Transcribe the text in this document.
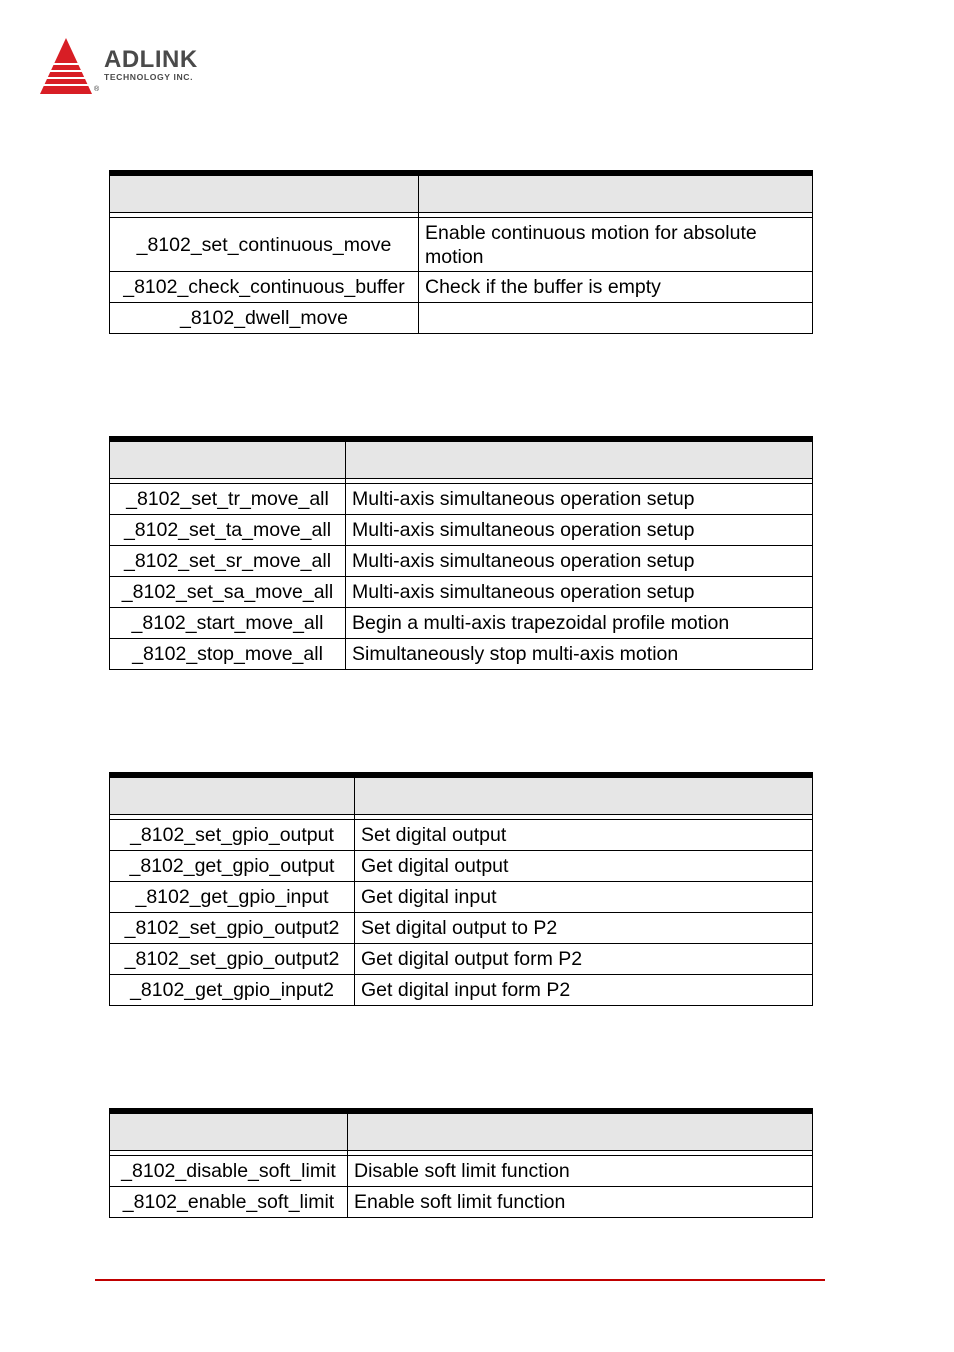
ADLINK
TECHNOLOGY INC.
®

_8102_set_continuous_move	Enable continuous motion for absolute motion
_8102_check_continuous_buffer	Check if the buffer is empty
_8102_dwell_move	

_8102_set_tr_move_all	Multi-axis simultaneous operation setup
_8102_set_ta_move_all	Multi-axis simultaneous operation setup
_8102_set_sr_move_all	Multi-axis simultaneous operation setup
_8102_set_sa_move_all	Multi-axis simultaneous operation setup
_8102_start_move_all	Begin a multi-axis trapezoidal profile motion
_8102_stop_move_all	Simultaneously stop multi-axis motion

_8102_set_gpio_output	Set digital output
_8102_get_gpio_output	Get digital output
_8102_get_gpio_input	Get digital input
_8102_set_gpio_output2	Set digital output to P2
_8102_set_gpio_output2	Get digital output form P2
_8102_get_gpio_input2	Get digital input form P2

_8102_disable_soft_limit	Disable soft limit function
_8102_enable_soft_limit	Enable soft limit function
